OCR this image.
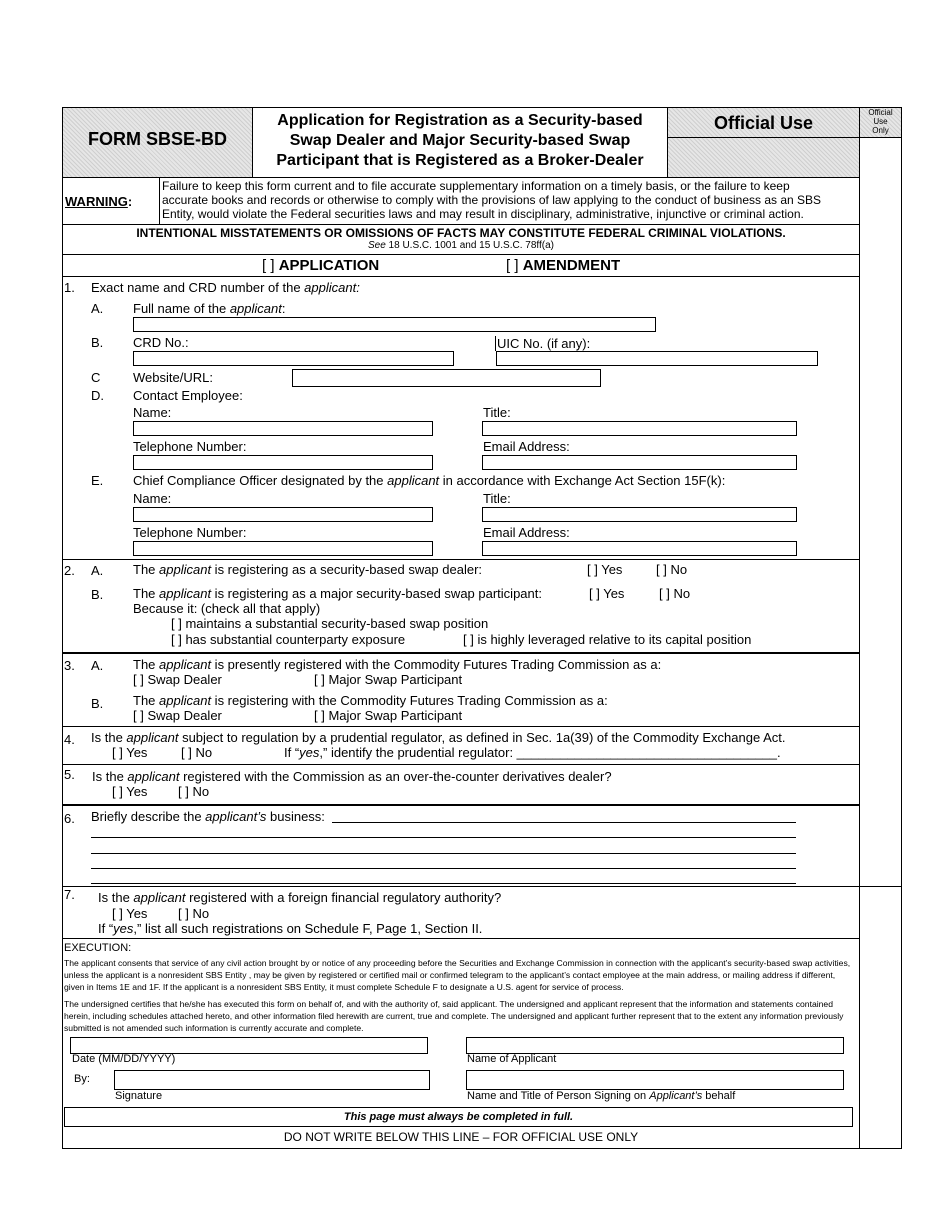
FORM SBSE-BD
Application for Registration as a Security-based
Swap Dealer and Major Security-based Swap
Participant that is Registered as a Broker-Dealer
Official Use
Official
Use
Only
WARNING:
Failure to keep this form current and to file accurate supplementary information on a timely basis, or the failure to keep
accurate books and records or otherwise to comply with the provisions of law applying to the conduct of business as an SBS
Entity, would violate the Federal securities laws and may result in disciplinary, administrative, injunctive or criminal action.
INTENTIONAL MISSTATEMENTS OR OMISSIONS OF FACTS MAY CONSTITUTE FEDERAL CRIMINAL VIOLATIONS.
See 18 U.S.C. 1001 and 15 U.S.C. 78ff(a)
[ ] APPLICATION	[ ] AMENDMENT
1. Exact name and CRD number of the applicant:
A. Full name of the applicant:
B. CRD No.:	UIC No. (if any):
C	Website/URL:
D. Contact Employee:
Name:	Title:
Telephone Number:	Email Address:
E. Chief Compliance Officer designated by the applicant in accordance with Exchange Act Section 15F(k):
Name:	Title:
Telephone Number:	Email Address:
2. A. The applicant is registering as a security-based swap dealer:	[ ] Yes	[ ] No
B. The applicant is registering as a major security-based swap participant:	[ ] Yes	[ ] No
Because it: (check all that apply)
[ ] maintains a substantial security-based swap position
[ ] has substantial counterparty exposure	[ ] is highly leveraged relative to its capital position
3. A. The applicant is presently registered with the Commodity Futures Trading Commission as a:
[ ] Swap Dealer	[ ] Major Swap Participant
B. The applicant is registering with the Commodity Futures Trading Commission as a:
[ ] Swap Dealer	[ ] Major Swap Participant
4. Is the applicant subject to regulation by a prudential regulator, as defined in Sec. 1a(39) of the Commodity Exchange Act.
[ ] Yes	[ ] No	If “yes,” identify the prudential regulator: ____________________________________.
5. Is the applicant registered with the Commission as an over-the-counter derivatives dealer?
[ ] Yes [ ] No
6. Briefly describe the applicant’s business:
7. Is the applicant registered with a foreign financial regulatory authority?
[ ] Yes [ ] No
If “yes,” list all such registrations on Schedule F, Page 1, Section II.
EXECUTION:
The applicant consents that service of any civil action brought by or notice of any proceeding before the Securities and Exchange Commission in connection with the applicant’s security-based swap activities, unless the applicant is a nonresident SBS Entity , may be given by registered or certified mail or confirmed telegram to the applicant’s contact employee at the main address, or mailing address if different, given in Items 1E and 1F. If the applicant is a nonresident SBS Entity, it must complete Schedule F to designate a U.S. agent for service of process.
The undersigned certifies that he/she has executed this form on behalf of, and with the authority of, said applicant. The undersigned and applicant represent that the information and statements contained herein, including schedules attached hereto, and other information filed herewith are current, true and complete. The undersigned and applicant further represent that to the extent any information previously submitted is not amended such information is currently accurate and complete.
Date (MM/DD/YYYY)	Name of Applicant
By:
Signature	Name and Title of Person Signing on Applicant’s behalf
This page must always be completed in full.
DO NOT WRITE BELOW THIS LINE – FOR OFFICIAL USE ONLY
